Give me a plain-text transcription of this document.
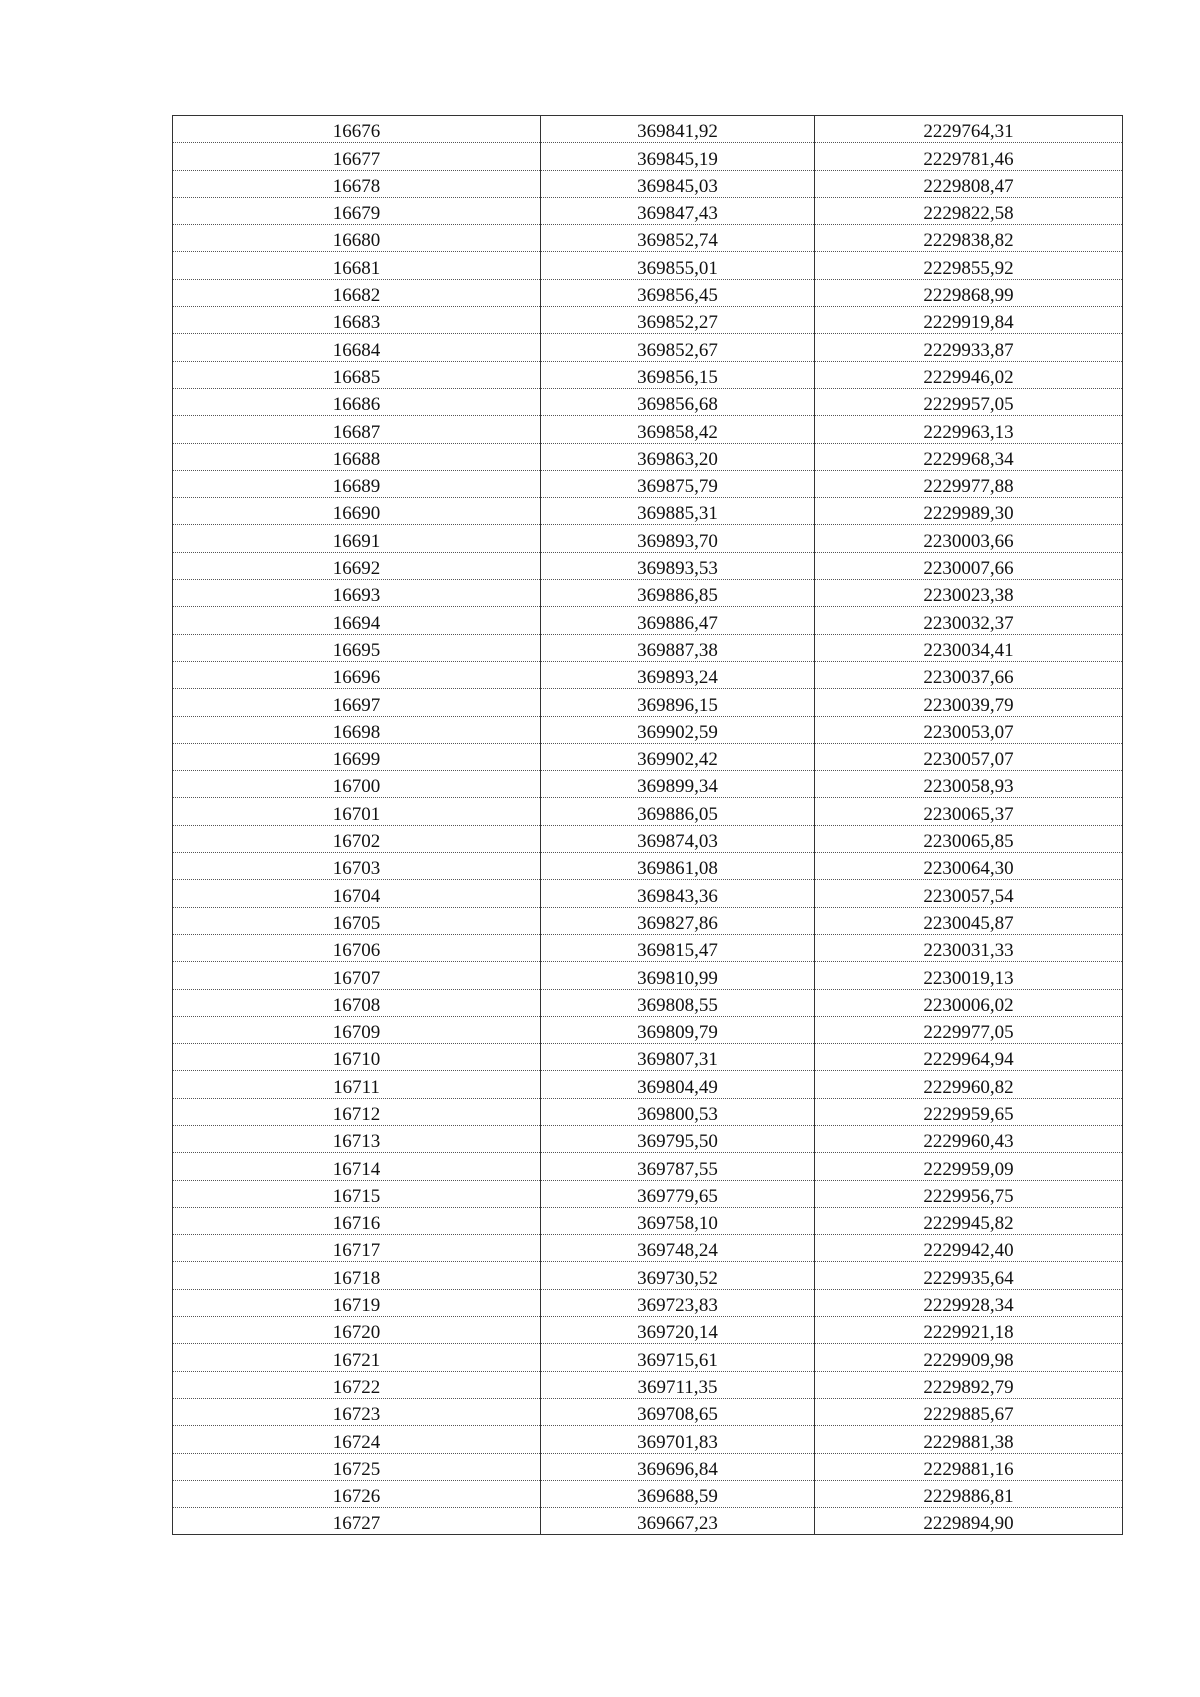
16676	369841,92	2229764,31
16677	369845,19	2229781,46
16678	369845,03	2229808,47
16679	369847,43	2229822,58
16680	369852,74	2229838,82
16681	369855,01	2229855,92
16682	369856,45	2229868,99
16683	369852,27	2229919,84
16684	369852,67	2229933,87
16685	369856,15	2229946,02
16686	369856,68	2229957,05
16687	369858,42	2229963,13
16688	369863,20	2229968,34
16689	369875,79	2229977,88
16690	369885,31	2229989,30
16691	369893,70	2230003,66
16692	369893,53	2230007,66
16693	369886,85	2230023,38
16694	369886,47	2230032,37
16695	369887,38	2230034,41
16696	369893,24	2230037,66
16697	369896,15	2230039,79
16698	369902,59	2230053,07
16699	369902,42	2230057,07
16700	369899,34	2230058,93
16701	369886,05	2230065,37
16702	369874,03	2230065,85
16703	369861,08	2230064,30
16704	369843,36	2230057,54
16705	369827,86	2230045,87
16706	369815,47	2230031,33
16707	369810,99	2230019,13
16708	369808,55	2230006,02
16709	369809,79	2229977,05
16710	369807,31	2229964,94
16711	369804,49	2229960,82
16712	369800,53	2229959,65
16713	369795,50	2229960,43
16714	369787,55	2229959,09
16715	369779,65	2229956,75
16716	369758,10	2229945,82
16717	369748,24	2229942,40
16718	369730,52	2229935,64
16719	369723,83	2229928,34
16720	369720,14	2229921,18
16721	369715,61	2229909,98
16722	369711,35	2229892,79
16723	369708,65	2229885,67
16724	369701,83	2229881,38
16725	369696,84	2229881,16
16726	369688,59	2229886,81
16727	369667,23	2229894,90
